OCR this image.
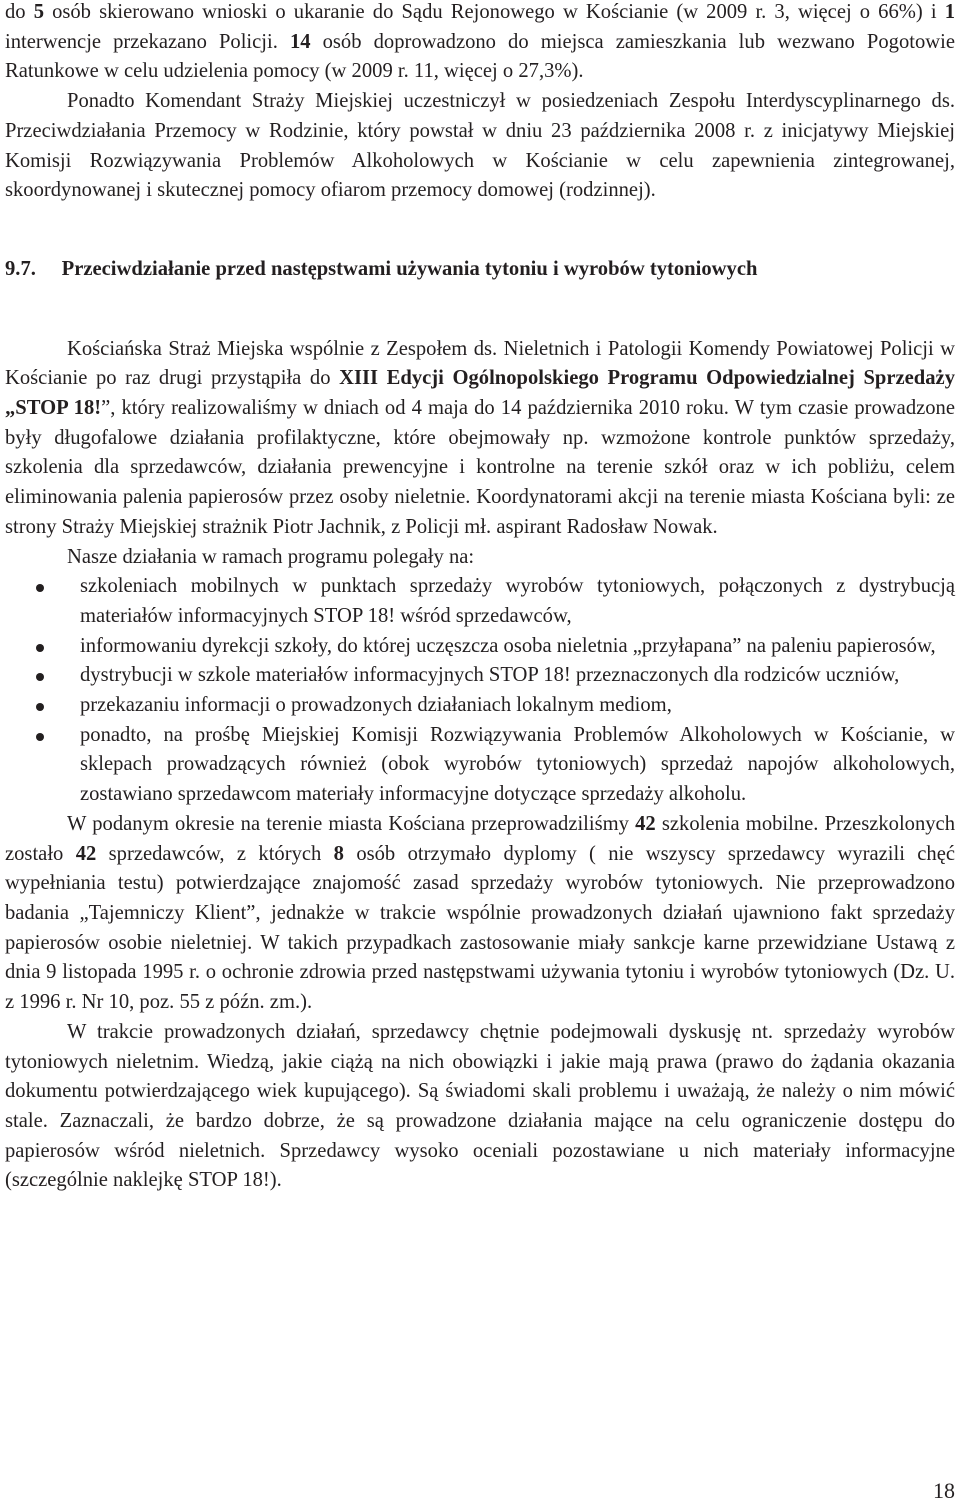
do 5 osób skierowano wnioski o ukaranie do Sądu Rejonowego w Kościanie (w 2009 r. 3, więcej o 66%) i 1 interwencje przekazano Policji. 14 osób doprowadzono do miejsca zamieszkania lub wezwano Pogotowie Ratunkowe w celu udzielenia pomocy (w 2009 r. 11, więcej o 27,3%).

Ponadto Komendant Straży Miejskiej uczestniczył w posiedzeniach Zespołu Interdyscyplinarnego ds. Przeciwdziałania Przemocy w Rodzinie, który powstał w dniu 23 października 2008 r. z inicjatywy Miejskiej Komisji Rozwiązywania Problemów Alkoholowych w Kościanie w celu zapewnienia zintegrowanej, skoordynowanej i skutecznej pomocy ofiarom przemocy domowej (rodzinnej).

9.7. Przeciwdziałanie przed następstwami używania tytoniu i wyrobów tytoniowych

Kościańska Straż Miejska wspólnie z Zespołem ds. Nieletnich i Patologii Komendy Powiatowej Policji w Kościanie po raz drugi przystąpiła do XIII Edycji Ogólnopolskiego Programu Odpowiedzialnej Sprzedaży „STOP 18!”, który realizowaliśmy w dniach od 4 maja do 14 października 2010 roku. W tym czasie prowadzone były długofalowe działania profilaktyczne, które obejmowały np. wzmożone kontrole punktów sprzedaży, szkolenia dla sprzedawców, działania prewencyjne i kontrolne na terenie szkół oraz w ich pobliżu, celem eliminowania palenia papierosów przez osoby nieletnie. Koordynatorami akcji na terenie miasta Kościana byli: ze strony Straży Miejskiej strażnik Piotr Jachnik, z Policji mł. aspirant Radosław Nowak.

Nasze działania w ramach programu polegały na:

szkoleniach mobilnych w punktach sprzedaży wyrobów tytoniowych, połączonych z dystrybucją materiałów informacyjnych STOP 18! wśród sprzedawców,
informowaniu dyrekcji szkoły, do której uczęszcza osoba nieletnia „przyłapana” na paleniu papierosów,
dystrybucji w szkole materiałów informacyjnych STOP 18! przeznaczonych dla rodziców uczniów,
przekazaniu informacji o prowadzonych działaniach lokalnym mediom,
ponadto, na prośbę Miejskiej Komisji Rozwiązywania Problemów Alkoholowych w Kościanie, w sklepach prowadzących również (obok wyrobów tytoniowych) sprzedaż napojów alkoholowych, zostawiano sprzedawcom materiały informacyjne dotyczące sprzedaży alkoholu.

W podanym okresie na terenie miasta Kościana przeprowadziliśmy 42 szkolenia mobilne. Przeszkolonych zostało 42 sprzedawców, z których 8 osób otrzymało dyplomy ( nie wszyscy sprzedawcy wyrazili chęć wypełniania testu) potwierdzające znajomość zasad sprzedaży wyrobów tytoniowych. Nie przeprowadzono badania „Tajemniczy Klient”, jednakże w trakcie wspólnie prowadzonych działań ujawniono fakt sprzedaży papierosów osobie nieletniej. W takich przypadkach zastosowanie miały sankcje karne przewidziane Ustawą z dnia 9 listopada 1995 r. o ochronie zdrowia przed następstwami używania tytoniu i wyrobów tytoniowych (Dz. U. z 1996 r. Nr 10, poz. 55 z późn. zm.).

W trakcie prowadzonych działań, sprzedawcy chętnie podejmowali dyskusję nt. sprzedaży wyrobów tytoniowych nieletnim. Wiedzą, jakie ciążą na nich obowiązki i jakie mają prawa (prawo do żądania okazania dokumentu potwierdzającego wiek kupującego). Są świadomi skali problemu i uważają, że należy o nim mówić stale. Zaznaczali, że bardzo dobrze, że są prowadzone działania mające na celu ograniczenie dostępu do papierosów wśród nieletnich. Sprzedawcy wysoko oceniali pozostawiane u nich materiały informacyjne (szczególnie naklejkę STOP 18!).

18
